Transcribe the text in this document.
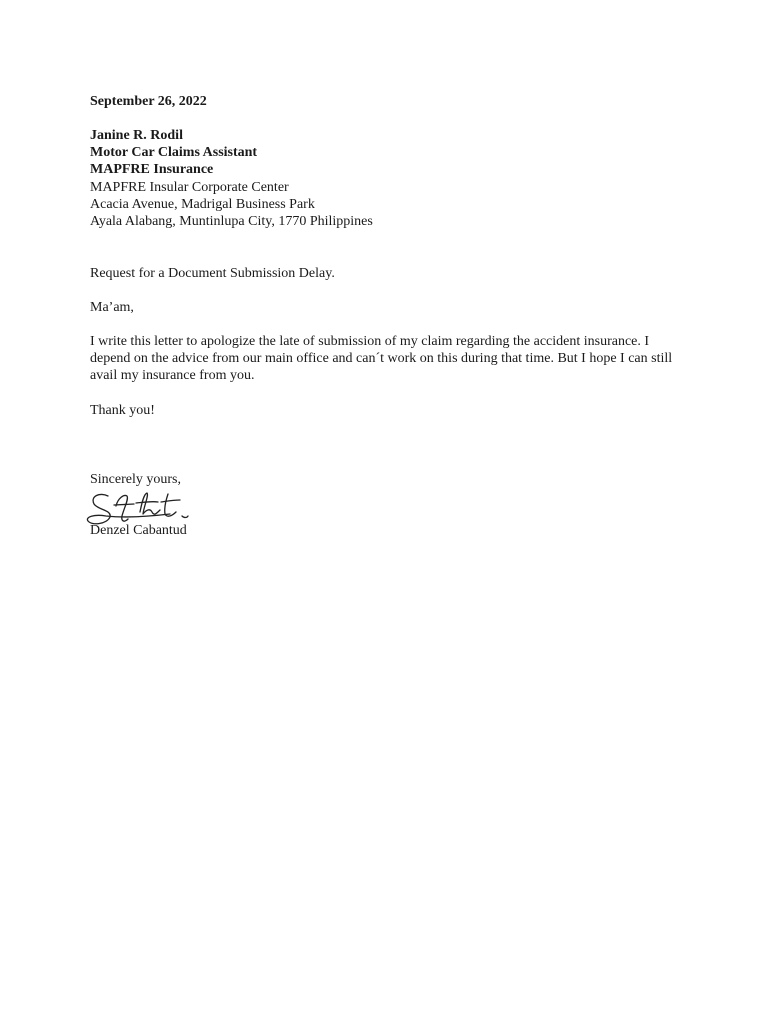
September 26, 2022
Janine R. Rodil
Motor Car Claims Assistant
MAPFRE Insurance
MAPFRE Insular Corporate Center
Acacia Avenue, Madrigal Business Park
Ayala Alabang, Muntinlupa City, 1770 Philippines
Request for a Document Submission Delay.
Ma’am,
I write this letter to apologize the late of submission of my claim regarding the accident insurance. I depend on the advice from our main office and can´t work on this during that time. But I hope I can still avail my insurance from you.
Thank you!
Sincerely yours,
Denzel Cabantud
